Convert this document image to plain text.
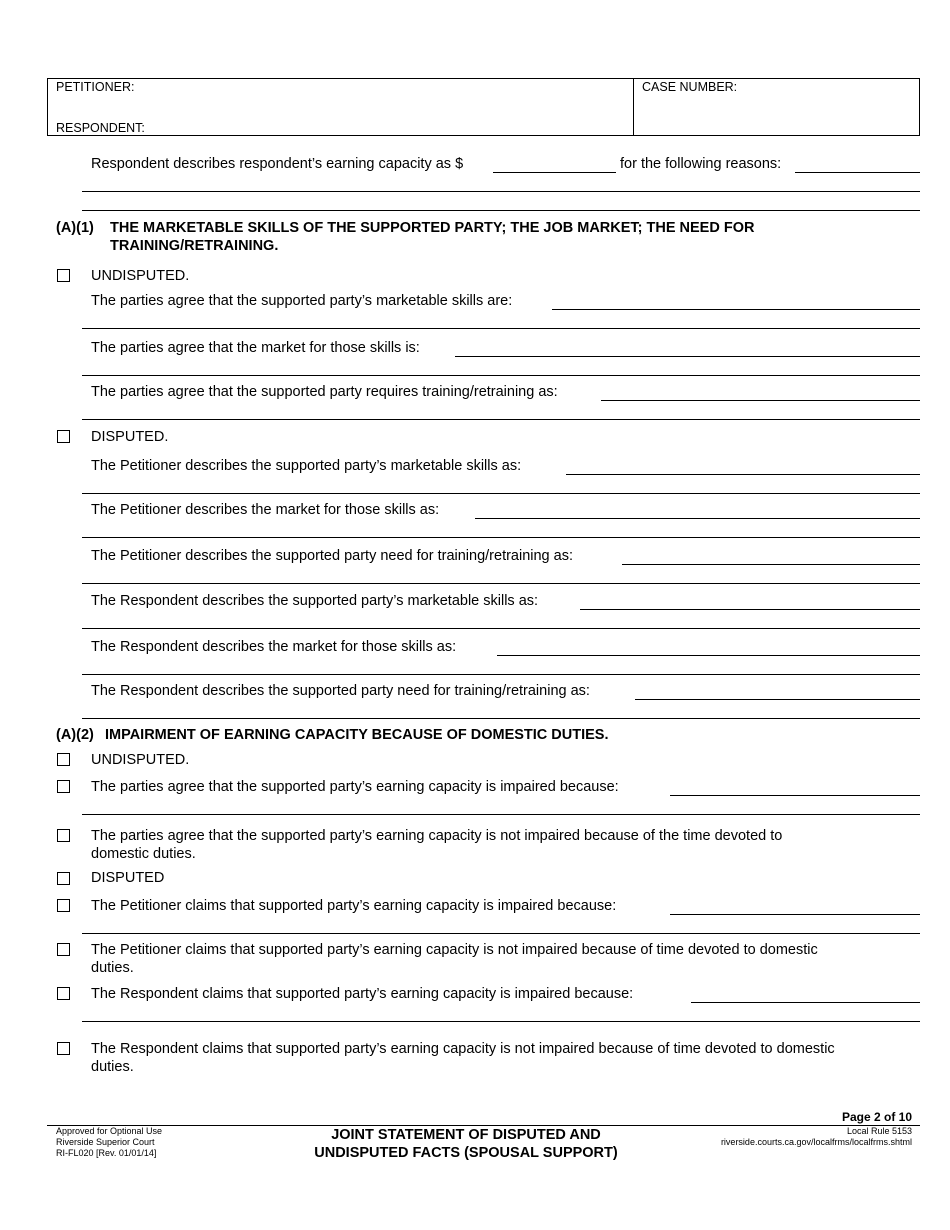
PETITIONER:
RESPONDENT:
CASE NUMBER:
Respondent describes respondent’s earning capacity as $	for the following reasons:
(A)(1) THE MARKETABLE SKILLS OF THE SUPPORTED PARTY; THE JOB MARKET; THE NEED FOR
TRAINING/RETRAINING.
UNDISPUTED.
The parties agree that the supported party’s marketable skills are:
The parties agree that the market for those skills is:
The parties agree that the supported party requires training/retraining as:
DISPUTED.
The Petitioner describes the supported party’s marketable skills as:
The Petitioner describes the market for those skills as:
The Petitioner describes the supported party need for training/retraining as:
The Respondent describes the supported party’s marketable skills as:
The Respondent describes the market for those skills as:
The Respondent describes the supported party need for training/retraining as:
(A)(2) IMPAIRMENT OF EARNING CAPACITY BECAUSE OF DOMESTIC DUTIES.
UNDISPUTED.
The parties agree that the supported party’s earning capacity is impaired because:
The parties agree that the supported party’s earning capacity is not impaired because of the time devoted to
domestic duties.
DISPUTED
The Petitioner claims that supported party’s earning capacity is impaired because:
The Petitioner claims that supported party’s earning capacity is not impaired because of time devoted to domestic
duties.
The Respondent claims that supported party’s earning capacity is impaired because:
The Respondent claims that supported party’s earning capacity is not impaired because of time devoted to domestic
duties.
Page 2 of 10
Approved for Optional Use
Riverside Superior Court
RI-FL020 [Rev. 01/01/14]
JOINT STATEMENT OF DISPUTED AND
UNDISPUTED FACTS (SPOUSAL SUPPORT)
Local Rule 5153
riverside.courts.ca.gov/localfrms/localfrms.shtml
